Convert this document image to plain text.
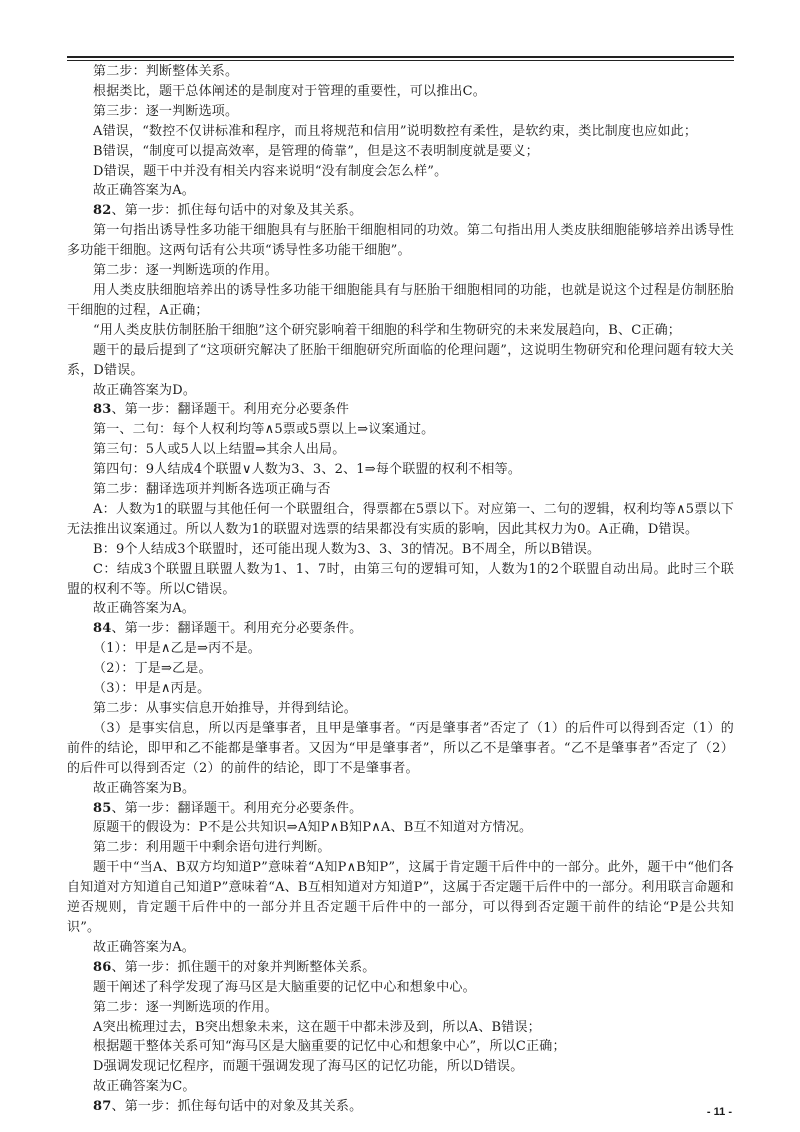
第二步：判断整体关系。

根据类比，题干总体阐述的是制度对于管理的重要性，可以推出C。

第三步：逐一判断选项。

A错误，“数控不仅讲标准和程序，而且将规范和信用”说明数控有柔性，是软约束，类比制度也应如此；

B错误，“制度可以提高效率，是管理的倚靠”，但是这不表明制度就是要义；

D错误，题干中并没有相关内容来说明“没有制度会怎么样”。

故正确答案为A。

82、第一步：抓住每句话中的对象及其关系。

第一句指出诱导性多功能干细胞具有与胚胎干细胞相同的功效。第二句指出用人类皮肤细胞能够培养出诱导性多功能干细胞。这两句话有公共项“诱导性多功能干细胞”。

第二步：逐一判断选项的作用。

用人类皮肤细胞培养出的诱导性多功能干细胞能具有与胚胎干细胞相同的功能，也就是说这个过程是仿制胚胎干细胞的过程，A正确；

“用人类皮肤仿制胚胎干细胞”这个研究影响着干细胞的科学和生物研究的未来发展趋向，B、C正确；

题干的最后提到了“这项研究解决了胚胎干细胞研究所面临的伦理问题”，这说明生物研究和伦理问题有较大关系，D错误。

故正确答案为D。

83、第一步：翻译题干。利用充分必要条件

第一、二句：每个人权利均等∧5票或5票以上⇒议案通过。

第三句：5人或5人以上结盟⇒其余人出局。

第四句：9人结成4个联盟∨人数为3、3、2、1⇒每个联盟的权利不相等。

第二步：翻译选项并判断各选项正确与否

A：人数为1的联盟与其他任何一个联盟组合，得票都在5票以下。对应第一、二句的逻辑，权利均等∧5票以下无法推出议案通过。所以人数为1的联盟对选票的结果都没有实质的影响，因此其权力为0。A正确，D错误。

B：9个人结成3个联盟时，还可能出现人数为3、3、3的情况。B不周全，所以B错误。

C：结成3个联盟且联盟人数为1、1、7时，由第三句的逻辑可知，人数为1的2个联盟自动出局。此时三个联盟的权利不等。所以C错误。

故正确答案为A。

84、第一步：翻译题干。利用充分必要条件。

（1）：甲是∧乙是⇒丙不是。

（2）：丁是⇒乙是。

（3）：甲是∧丙是。

第二步：从事实信息开始推导，并得到结论。

（3）是事实信息，所以丙是肇事者，且甲是肇事者。“丙是肇事者”否定了（1）的后件可以得到否定（1）的前件的结论，即甲和乙不能都是肇事者。又因为“甲是肇事者”，所以乙不是肇事者。“乙不是肇事者”否定了（2）的后件可以得到否定（2）的前件的结论，即丁不是肇事者。

故正确答案为B。

85、第一步：翻译题干。利用充分必要条件。

原题干的假设为：P不是公共知识⇒A知P∧B知P∧A、B互不知道对方情况。

第二步：利用题干中剩余语句进行判断。

题干中“当A、B双方均知道P”意味着“A知P∧B知P”，这属于肯定题干后件中的一部分。此外，题干中“他们各自知道对方知道自己知道P”意味着“A、B互相知道对方知道P”，这属于否定题干后件中的一部分。利用联言命题和逆否规则，肯定题干后件中的一部分并且否定题干后件中的一部分，可以得到否定题干前件的结论“P是公共知识”。

故正确答案为A。

86、第一步：抓住题干的对象并判断整体关系。

题干阐述了科学发现了海马区是大脑重要的记忆中心和想象中心。

第二步：逐一判断选项的作用。

A突出梳理过去，B突出想象未来，这在题干中都未涉及到，所以A、B错误；

根据题干整体关系可知“海马区是大脑重要的记忆中心和想象中心”，所以C正确；

D强调发现记忆程序，而题干强调发现了海马区的记忆功能，所以D错误。

故正确答案为C。

87、第一步：抓住每句话中的对象及其关系。	- 11 -
